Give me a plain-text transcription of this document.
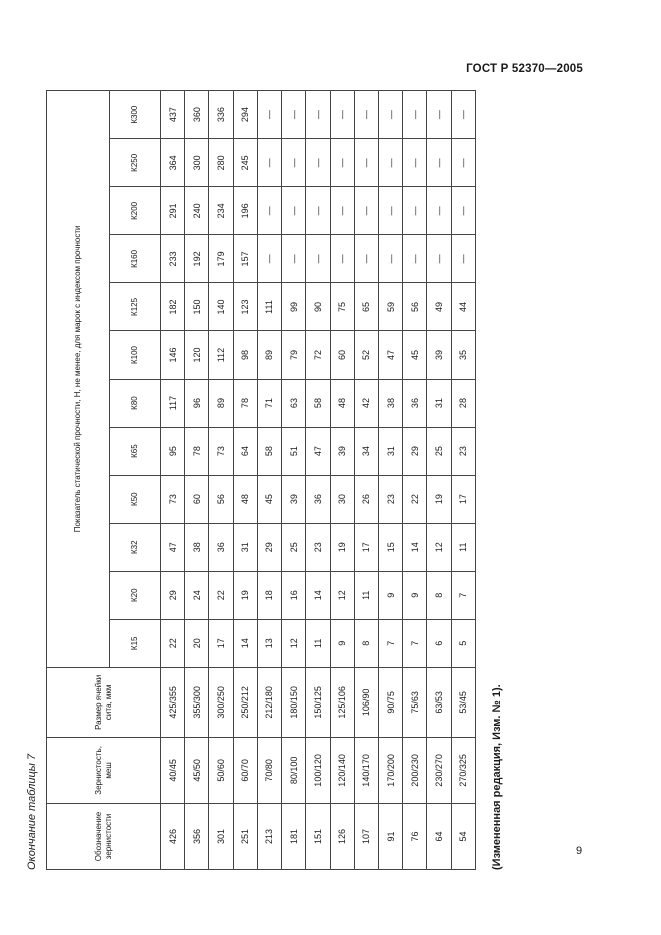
ГОСТ Р 52370—2005
Окончание таблицы 7	Обозначение зернистости	Зернистость, меш	Размер ячейки сита, мкм	Показатель статической прочности, Н, не менее, для марок с индексом прочности											
			К15	К20	К32	К50	К65	К80	К100	К125	К160	К200	К250	К300
426	40/45	425/355	22	29	47	73	95	117	146	182	233	291	364	437
356	45/50	355/300	20	24	38	60	78	96	120	150	192	240	300	360
301	50/60	300/250	17	22	36	56	73	89	112	140	179	234	280	336
251	60/70	250/212	14	19	31	48	64	78	98	123	157	196	245	294
213	70/80	212/180	13	18	29	45	58	71	89	111	—	—	—	—
181	80/100	180/150	12	16	25	39	51	63	79	99	—	—	—	—
151	100/120	150/125	11	14	23	36	47	58	72	90	—	—	—	—
126	120/140	125/106	9	12	19	30	39	48	60	75	—	—	—	—
107	140/170	106/90	8	11	17	26	34	42	52	65	—	—	—	—
91	170/200	90/75	7	9	15	23	31	38	47	59	—	—	—	—
76	200/230	75/63	7	9	14	22	29	36	45	56	—	—	—	—
64	230/270	63/53	6	8	12	19	25	31	39	49	—	—	—	—
54	270/325	53/45	5	7	11	17	23	28	35	44	—	—	—	—
(Измененная редакция, Изм. № 1).	9
